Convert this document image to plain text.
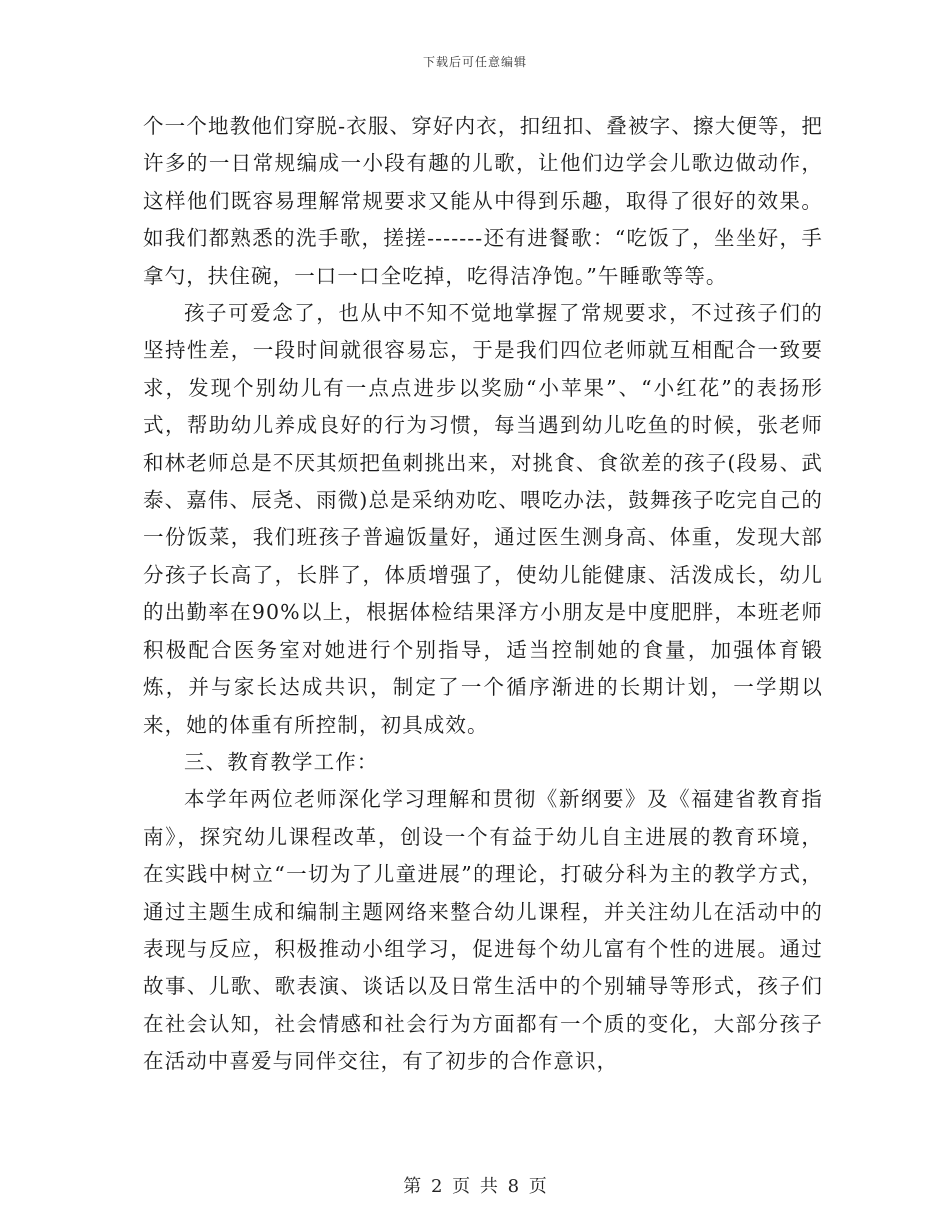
下载后可任意编辑

个一个地教他们穿脱-衣服、穿好内衣，扣纽扣、叠被字、擦大便等，把许多的一日常规编成一小段有趣的儿歌，让他们边学会儿歌边做动作，这样他们既容易理解常规要求又能从中得到乐趣，取得了很好的效果。如我们都熟悉的洗手歌，搓搓-------还有进餐歌：“吃饭了，坐坐好，手拿勺，扶住碗，一口一口全吃掉，吃得洁净饱。”午睡歌等等。

孩子可爱念了，也从中不知不觉地掌握了常规要求，不过孩子们的坚持性差，一段时间就很容易忘，于是我们四位老师就互相配合一致要求，发现个别幼儿有一点点进步以奖励“小苹果”、“小红花”的表扬形式，帮助幼儿养成良好的行为习惯，每当遇到幼儿吃鱼的时候，张老师和林老师总是不厌其烦把鱼刺挑出来，对挑食、食欲差的孩子(段易、武泰、嘉伟、辰尧、雨微)总是采纳劝吃、喂吃办法，鼓舞孩子吃完自己的一份饭菜，我们班孩子普遍饭量好，通过医生测身高、体重，发现大部分孩子长高了，长胖了，体质增强了，使幼儿能健康、活泼成长，幼儿的出勤率在90%以上，根据体检结果泽方小朋友是中度肥胖，本班老师积极配合医务室对她进行个别指导，适当控制她的食量，加强体育锻炼，并与家长达成共识，制定了一个循序渐进的长期计划，一学期以来，她的体重有所控制，初具成效。

三、教育教学工作：

本学年两位老师深化学习理解和贯彻《新纲要》及《福建省教育指南》，探究幼儿课程改革，创设一个有益于幼儿自主进展的教育环境，在实践中树立“一切为了儿童进展”的理论，打破分科为主的教学方式，通过主题生成和编制主题网络来整合幼儿课程，并关注幼儿在活动中的表现与反应，积极推动小组学习，促进每个幼儿富有个性的进展。通过故事、儿歌、歌表演、谈话以及日常生活中的个别辅导等形式，孩子们在社会认知，社会情感和社会行为方面都有一个质的变化，大部分孩子在活动中喜爱与同伴交往，有了初步的合作意识，

第 2 页 共 8 页
